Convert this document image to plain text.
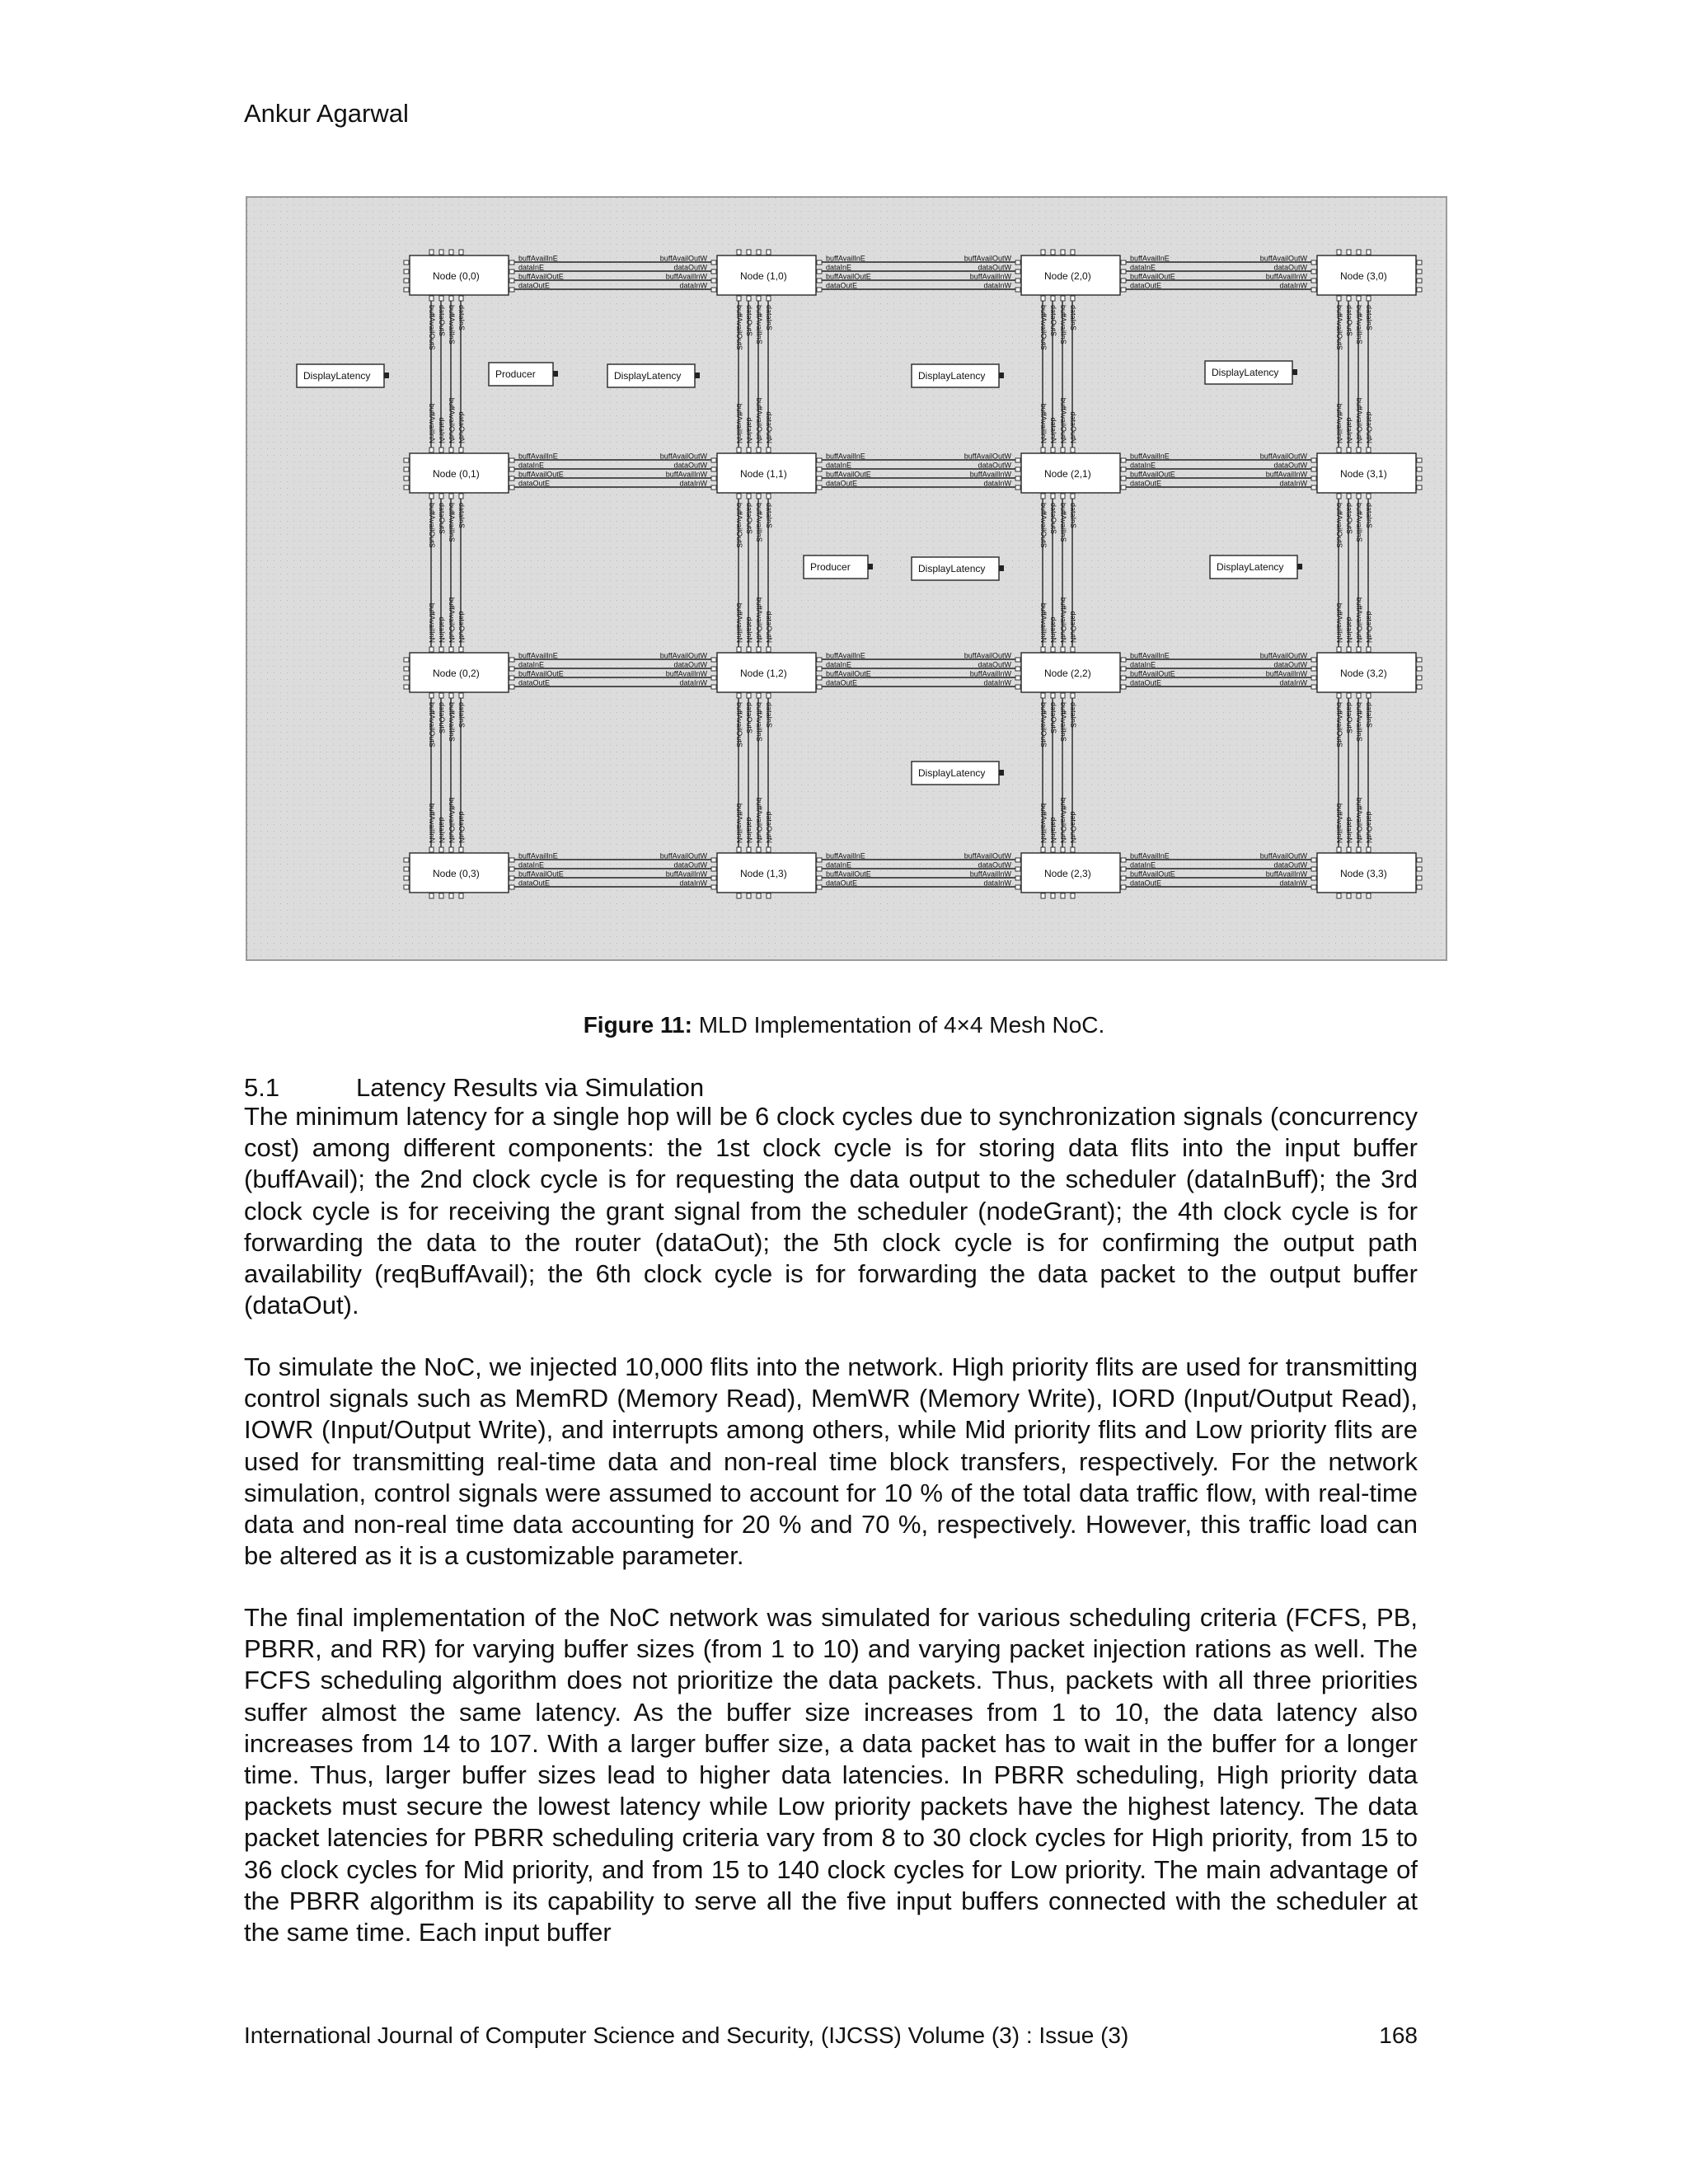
Ankur Agarwal
buffAvailInE	buffAvailOutW
dataInE	dataOutW
buffAvailOutE	buffAvailInW
dataOutE	dataInW
buffAvailInE	buffAvailOutW
dataInE	dataOutW
buffAvailOutE	buffAvailInW
dataOutE	dataInW
buffAvailInE	buffAvailOutW
dataInE	dataOutW
buffAvailOutE	buffAvailInW
dataOutE	dataInW
buffAvailInE	buffAvailOutW
dataInE	dataOutW
buffAvailOutE	buffAvailInW
dataOutE	dataInW
buffAvailInE	buffAvailOutW
dataInE	dataOutW
buffAvailOutE	buffAvailInW
dataOutE	dataInW
buffAvailInE	buffAvailOutW
dataInE	dataOutW
buffAvailOutE	buffAvailInW
dataOutE	dataInW
buffAvailInE	buffAvailOutW
dataInE	dataOutW
buffAvailOutE	buffAvailInW
dataOutE	dataInW
buffAvailInE	buffAvailOutW
dataInE	dataOutW
buffAvailOutE	buffAvailInW
dataOutE	dataInW
buffAvailInE	buffAvailOutW
dataInE	dataOutW
buffAvailOutE	buffAvailInW
dataOutE	dataInW
buffAvailInE	buffAvailOutW
dataInE	dataOutW
buffAvailOutE	buffAvailInW
dataOutE	dataInW
buffAvailInE	buffAvailOutW
dataInE	dataOutW
buffAvailOutE	buffAvailInW
dataOutE	dataInW
buffAvailInE	buffAvailOutW
dataInE	dataOutW
buffAvailOutE	buffAvailInW
dataOutE	dataInW
buffAvailOutS
buffAvailInN
dataOutS
dataInN
buffAvailInS
buffAvailOutN
dataInS
dataOutN
buffAvailOutS
buffAvailInN
dataOutS
dataInN
buffAvailInS
buffAvailOutN
dataInS
dataOutN
buffAvailOutS
buffAvailInN
dataOutS
dataInN
buffAvailInS
buffAvailOutN
dataInS
dataOutN
buffAvailOutS
buffAvailInN
dataOutS
dataInN
buffAvailInS
buffAvailOutN
dataInS
dataOutN
buffAvailOutS
buffAvailInN
dataOutS
dataInN
buffAvailInS
buffAvailOutN
dataInS
dataOutN
buffAvailOutS
buffAvailInN
dataOutS
dataInN
buffAvailInS
buffAvailOutN
dataInS
dataOutN
buffAvailOutS
buffAvailInN
dataOutS
dataInN
buffAvailInS
buffAvailOutN
dataInS
dataOutN
buffAvailOutS
buffAvailInN
dataOutS
dataInN
buffAvailInS
buffAvailOutN
dataInS
dataOutN
buffAvailOutS
buffAvailInN
dataOutS
dataInN
buffAvailInS
buffAvailOutN
dataInS
dataOutN
buffAvailOutS
buffAvailInN
dataOutS
dataInN
buffAvailInS
buffAvailOutN
dataInS
dataOutN
buffAvailOutS
buffAvailInN
dataOutS
dataInN
buffAvailInS
buffAvailOutN
dataInS
dataOutN
buffAvailOutS
buffAvailInN
dataOutS
dataInN
buffAvailInS
buffAvailOutN
dataInS
dataOutN
Node (0,0)	Node (1,0)	Node (2,0)	Node (3,0)
Node (0,1)	Node (1,1)	Node (2,1)	Node (3,1)
Node (0,2)	Node (1,2)	Node (2,2)	Node (3,2)
Node (0,3)	Node (1,3)	Node (2,3)	Node (3,3)
DisplayLatency	Producer	DisplayLatency	DisplayLatency	DisplayLatency
Producer	DisplayLatency	DisplayLatency
DisplayLatency
Figure 11: MLD Implementation of 4×4 Mesh NoC.
5.1	Latency Results via Simulation

The minimum latency for a single hop will be 6 clock cycles due to synchronization signals (concurrency cost) among different components: the 1st clock cycle is for storing data flits into the input buffer (buffAvail); the 2nd clock cycle is for requesting the data output to the scheduler (dataInBuff); the 3rd clock cycle is for receiving the grant signal from the scheduler (nodeGrant); the 4th clock cycle is for forwarding the data to the router (dataOut); the 5th clock cycle is for confirming the output path availability (reqBuffAvail); the 6th clock cycle is for forwarding the data packet to the output buffer (dataOut).

To simulate the NoC, we injected 10,000 flits into the network. High priority flits are used for transmitting control signals such as MemRD (Memory Read), MemWR (Memory Write), IORD (Input/Output Read), IOWR (Input/Output Write), and interrupts among others, while Mid priority flits and Low priority flits are used for transmitting real-time data and non-real time block transfers, respectively. For the network simulation, control signals were assumed to account for 10 % of the total data traffic flow, with real-time data and non-real time data accounting for 20 % and 70 %, respectively. However, this traffic load can be altered as it is a customizable parameter.

The final implementation of the NoC network was simulated for various scheduling criteria (FCFS, PB, PBRR, and RR) for varying buffer sizes (from 1 to 10) and varying packet injection rations as well. The FCFS scheduling algorithm does not prioritize the data packets. Thus, packets with all three priorities suffer almost the same latency. As the buffer size increases from 1 to 10, the data latency also increases from 14 to 107. With a larger buffer size, a data packet has to wait in the buffer for a longer time. Thus, larger buffer sizes lead to higher data latencies. In PBRR scheduling, High priority data packets must secure the lowest latency while Low priority packets have the highest latency. The data packet latencies for PBRR scheduling criteria vary from 8 to 30 clock cycles for High priority, from 15 to 36 clock cycles for Mid priority, and from 15 to 140 clock cycles for Low priority. The main advantage of the PBRR algorithm is its capability to serve all the five input buffers connected with the scheduler at the same time. Each input buffer

International Journal of Computer Science and Security, (IJCSS) Volume (3) : Issue (3)	168
